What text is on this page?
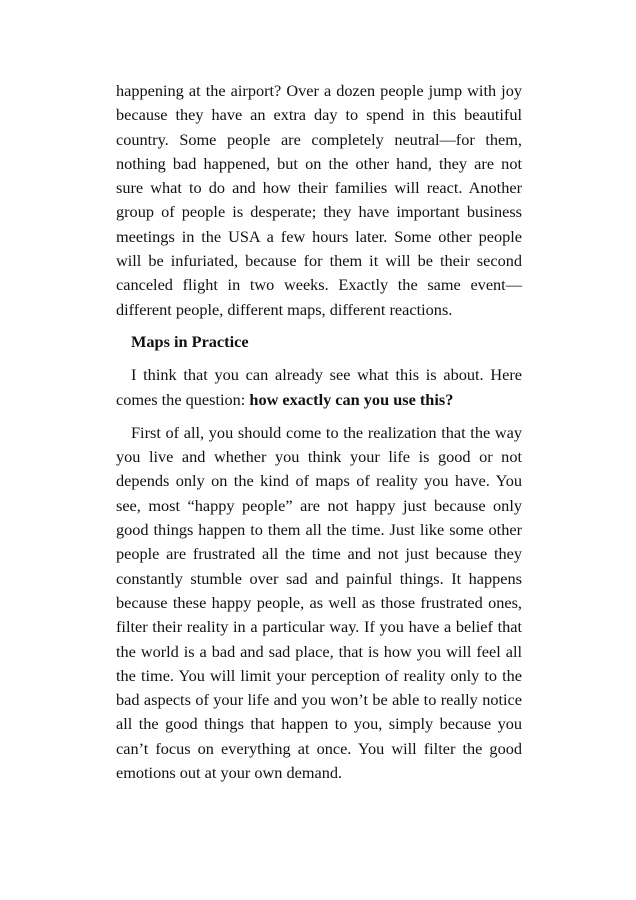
happening at the airport? Over a dozen people jump with joy because they have an extra day to spend in this beautiful country. Some people are completely neutral—for them, nothing bad happened, but on the other hand, they are not sure what to do and how their families will react. Another group of people is desperate; they have important business meetings in the USA a few hours later. Some other people will be infuriated, because for them it will be their second canceled flight in two weeks. Exactly the same event—different people, different maps, different reactions.

Maps in Practice

I think that you can already see what this is about. Here comes the question: how exactly can you use this?

First of all, you should come to the realization that the way you live and whether you think your life is good or not depends only on the kind of maps of reality you have. You see, most “happy people” are not happy just because only good things happen to them all the time. Just like some other people are frustrated all the time and not just because they constantly stumble over sad and painful things. It happens because these happy people, as well as those frustrated ones, filter their reality in a particular way. If you have a belief that the world is a bad and sad place, that is how you will feel all the time. You will limit your perception of reality only to the bad aspects of your life and you won’t be able to really notice all the good things that happen to you, simply because you can’t focus on everything at once. You will filter the good emotions out at your own demand.
